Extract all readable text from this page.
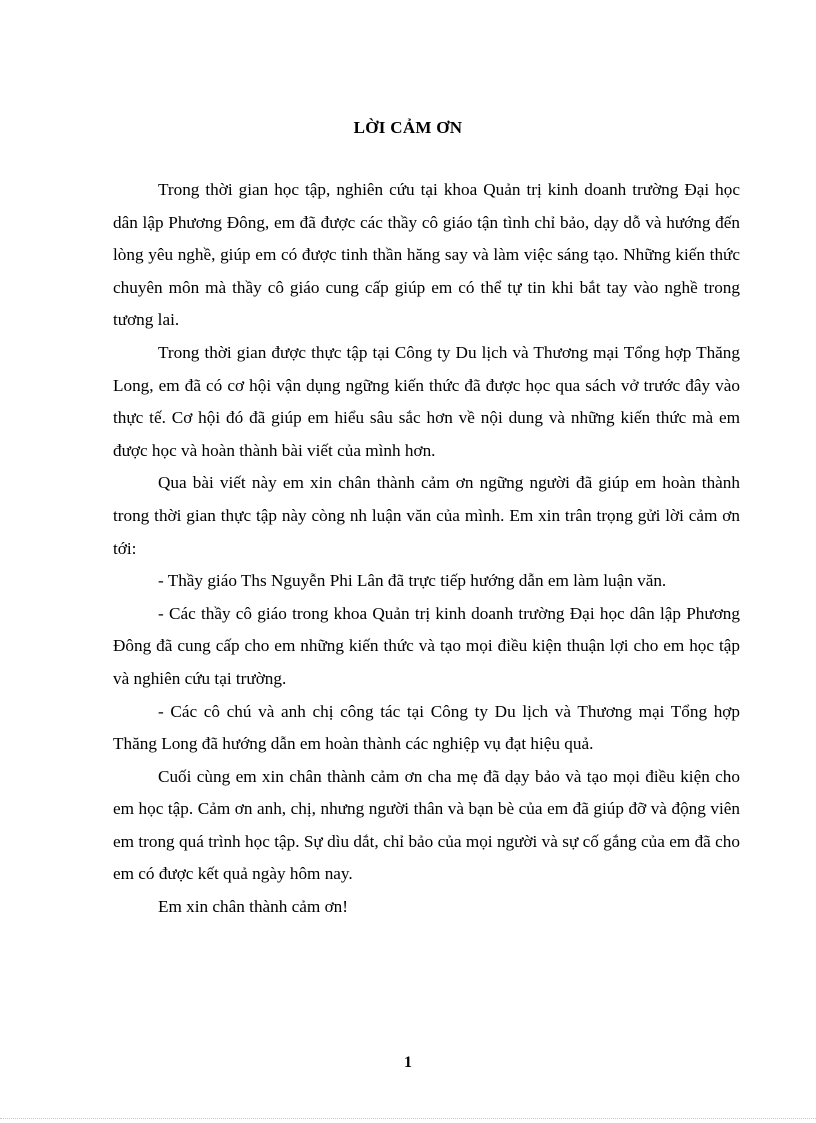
LỜI CẢM ƠN

Trong thời gian học tập, nghiên cứu tại khoa Quản trị kinh doanh trường Đại học dân lập Phương Đông, em đã được các thầy cô giáo tận tình chỉ bảo, dạy dỗ và hướng đến lòng yêu nghề, giúp em có được tinh thần hăng say và làm việc sáng tạo. Những kiến thức chuyên môn mà thầy cô giáo cung cấp giúp em có thể tự tin khi bắt tay vào nghề trong tương lai.

Trong thời gian được thực tập tại Công ty Du lịch và Thương mại Tổng hợp Thăng Long, em đã có cơ hội vận dụng ngững kiến thức đã được học qua sách vở trước đây vào thực tế. Cơ hội đó đã giúp em hiểu sâu sắc hơn về nội dung và những kiến thức mà em được học và hoàn thành bài viết của mình hơn.

Qua bài viết này em xin chân thành cảm ơn ngững người đã giúp em hoàn thành trong thời gian thực tập này còng nh luận văn của mình. Em xin trân trọng gửi lời cảm ơn tới:

- Thầy giáo Ths Nguyễn Phi Lân đã trực tiếp hướng dẫn em làm luận văn.

- Các thầy cô giáo trong khoa Quản trị kinh doanh trường Đại học dân lập Phương Đông đã cung cấp cho em những kiến thức và tạo mọi điều kiện thuận lợi cho em học tập và nghiên cứu tại trường.

- Các cô chú và anh chị công tác tại Công ty Du lịch và Thương mại Tổng hợp Thăng Long đã hướng dẫn em hoàn thành các nghiệp vụ đạt hiệu quả.

Cuối cùng em xin chân thành cảm ơn cha mẹ đã dạy bảo và tạo mọi điều kiện cho em học tập. Cảm ơn anh, chị, nhưng người thân và bạn bè của em đã giúp đỡ và động viên em trong quá trình học tập. Sự dìu dắt, chỉ bảo của mọi người và sự cố gắng của em đã cho em có được kết quả ngày hôm nay.

Em xin chân thành cảm ơn!

1
